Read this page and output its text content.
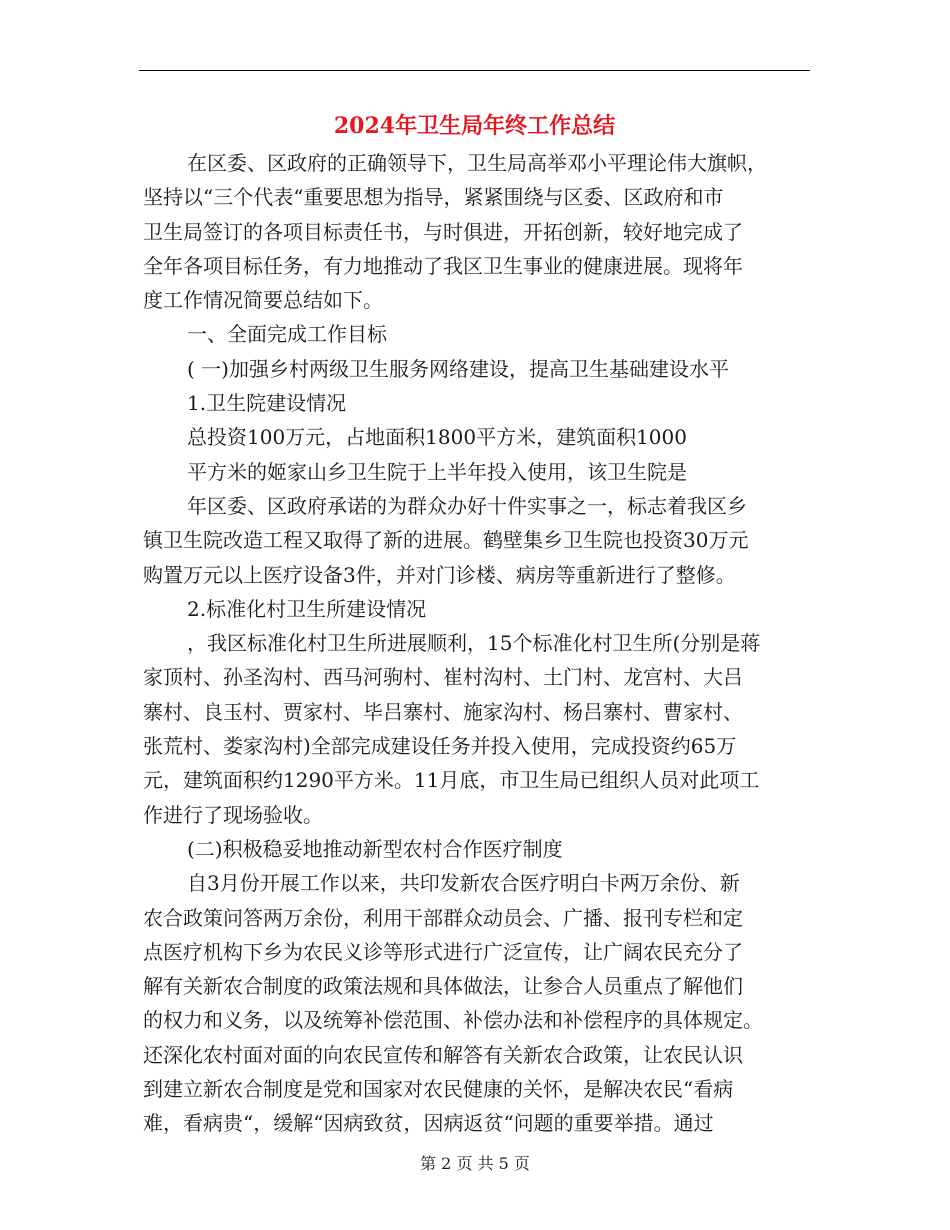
2024年卫生局年终工作总结
在区委、区政府的正确领导下，卫生局高举邓小平理论伟大旗帜，
坚持以“三个代表“重要思想为指导，紧紧围绕与区委、区政府和市
卫生局签订的各项目标责任书，与时俱进，开拓创新，较好地完成了
全年各项目标任务，有力地推动了我区卫生事业的健康进展。现将年
度工作情况简要总结如下。
一、全面完成工作目标
( 一)加强乡村两级卫生服务网络建设，提高卫生基础建设水平
1.卫生院建设情况
总投资100万元，占地面积1800平方米，建筑面积1000
平方米的姬家山乡卫生院于上半年投入使用，该卫生院是
年区委、区政府承诺的为群众办好十件实事之一，标志着我区乡
镇卫生院改造工程又取得了新的进展。鹤壁集乡卫生院也投资30万元
购置万元以上医疗设备3件，并对门诊楼、病房等重新进行了整修。
2.标准化村卫生所建设情况
，我区标准化村卫生所进展顺利，15个标准化村卫生所(分别是蒋
家顶村、孙圣沟村、西马河驹村、崔村沟村、土门村、龙宫村、大吕
寨村、良玉村、贾家村、毕吕寨村、施家沟村、杨吕寨村、曹家村、
张荒村、娄家沟村)全部完成建设任务并投入使用，完成投资约65万
元，建筑面积约1290平方米。11月底，市卫生局已组织人员对此项工
作进行了现场验收。
(二)积极稳妥地推动新型农村合作医疗制度
自3月份开展工作以来，共印发新农合医疗明白卡两万余份、新
农合政策问答两万余份，利用干部群众动员会、广播、报刊专栏和定
点医疗机构下乡为农民义诊等形式进行广泛宣传，让广阔农民充分了
解有关新农合制度的政策法规和具体做法，让参合人员重点了解他们
的权力和义务，以及统筹补偿范围、补偿办法和补偿程序的具体规定。
还深化农村面对面的向农民宣传和解答有关新农合政策，让农民认识
到建立新农合制度是党和国家对农民健康的关怀，是解决农民“看病
难，看病贵“，缓解“因病致贫，因病返贫“问题的重要举措。通过
第 2 页 共 5 页
